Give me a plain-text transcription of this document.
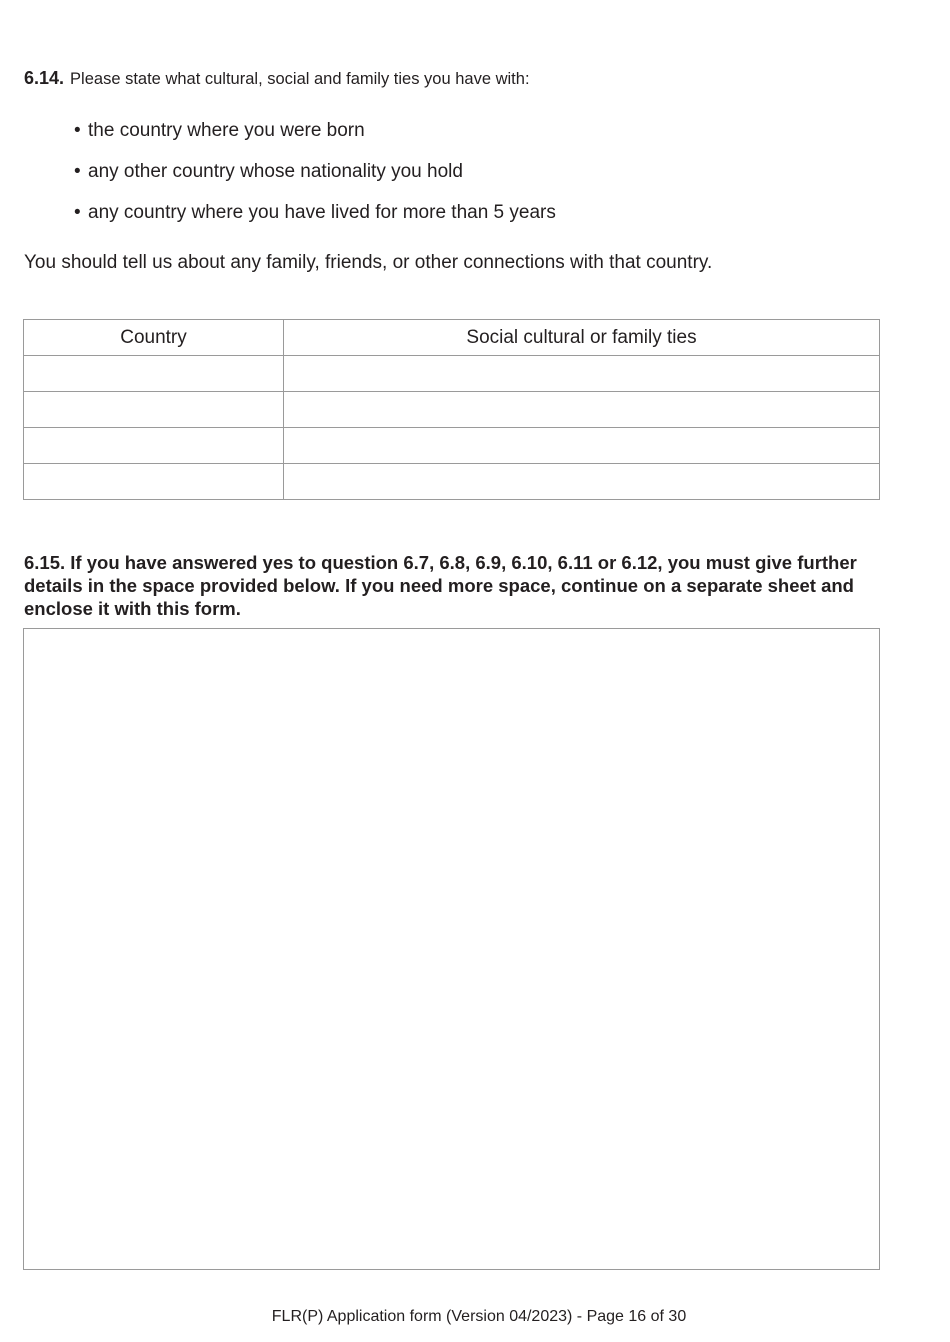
6.14. Please state what cultural, social and family ties you have with:
• the country where you were born
• any other country whose nationality you hold
• any country where you have lived for more than 5 years
You should tell us about any family, friends, or other connections with that country.
Country	Social cultural or family ties

6.15. If you have answered yes to question 6.7, 6.8, 6.9, 6.10, 6.11 or 6.12, you must give further details in the space provided below. If you need more space, continue on a separate sheet and enclose it with this form.
FLR(P) Application form (Version 04/2023) - Page 16 of 30
